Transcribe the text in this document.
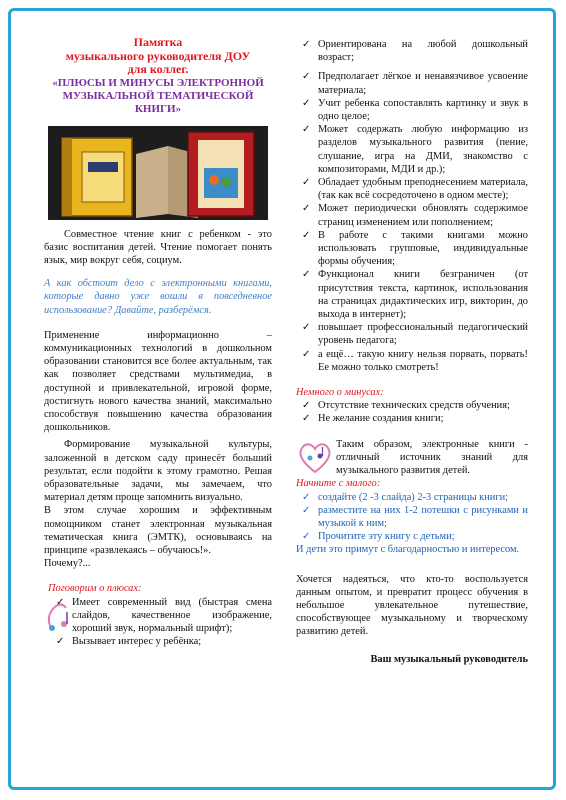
Памятка
музыкального руководителя ДОУ
для коллег.
«ПЛЮСЫ И МИНУСЫ ЭЛЕКТРОННОЙ МУЗЫКАЛЬНОЙ ТЕМАТИЧЕСКОЙ КНИГИ»

Совместное чтение книг с ребенком - это базис воспитания детей. Чтение помогает понять язык, мир вокруг себя, социум.

А как обстоит дело с электронными книгами, которые давно уже вошли в повседневное использование? Давайте, разберёмся.

Применение информационно – коммуникационных технологий в дошкольном образовании становится все более актуальным, так как позволяет средствами мультимедиа, в доступной и привлекательной, игровой форме, достигнуть нового качества знаний, максимально способствуя повышению качества образования дошкольников.

Формирование музыкальной культуры, заложенной в детском саду принесёт больший результат, если подойти к этому грамотно. Решая образовательные задачи, мы замечаем, что материал детям проще запомнить визуально.

В этом случае хорошим и эффективным помощником станет электронная музыкальная тематическая книга (ЭМТК), основываясь на принципе «развлекаясь – обучаюсь!».

Почему?...

Поговорим о плюсах:

✓ Имеет современный вид (быстрая смена слайдов, качественное изображение, хороший звук, нормальный шрифт);
✓ Вызывает интерес у ребёнка;
✓ Ориентирована на любой дошкольный возраст;
✓ Предполагает лёгкое и ненавязчивое усвоение материала;
✓ Учит ребенка сопоставлять картинку и звук в одно целое;
✓ Может содержать любую информацию из разделов музыкального развития (пение, слушание, игра на ДМИ, знакомство с композиторами, МДИ и др.);
✓ Обладает удобным преподнесением материала, (так как всё сосредоточено в одном месте);
✓ Может периодически обновлять содержимое страниц изменением или пополнением;
✓ В работе с такими книгами можно использовать групповые, индивидуальные формы обучения;
✓ Функционал книги безграничен (от присутствия текста, картинок, использования на страницах дидактических игр, викторин, до выхода в интернет);
✓ повышает профессиональный педагогический уровень педагога;
✓ а ещё… такую книгу нельзя порвать, порвать! Ее можно только смотреть!

Немного о минусах:

✓ Отсутствие технических средств обучения;
✓ Не желание создания книги;

Таким образом, электронные книги - отличный источник знаний для музыкального развития детей.

Начните с малого:

✓ создайте (2 -3 слайда) 2-3 страницы книги;
✓ разместите на них 1-2 потешки с рисунками и музыкой к ним;
✓ Прочитите эту книгу с детьми;

И дети это примут с благодарностью и интересом.

Хочется надеяться, что кто-то воспользуется данным опытом, и превратит процесс обучения в небольшое увлекательное путешествие, способствующее музыкальному и творческому развитию детей.

Ваш музыкальный руководитель
